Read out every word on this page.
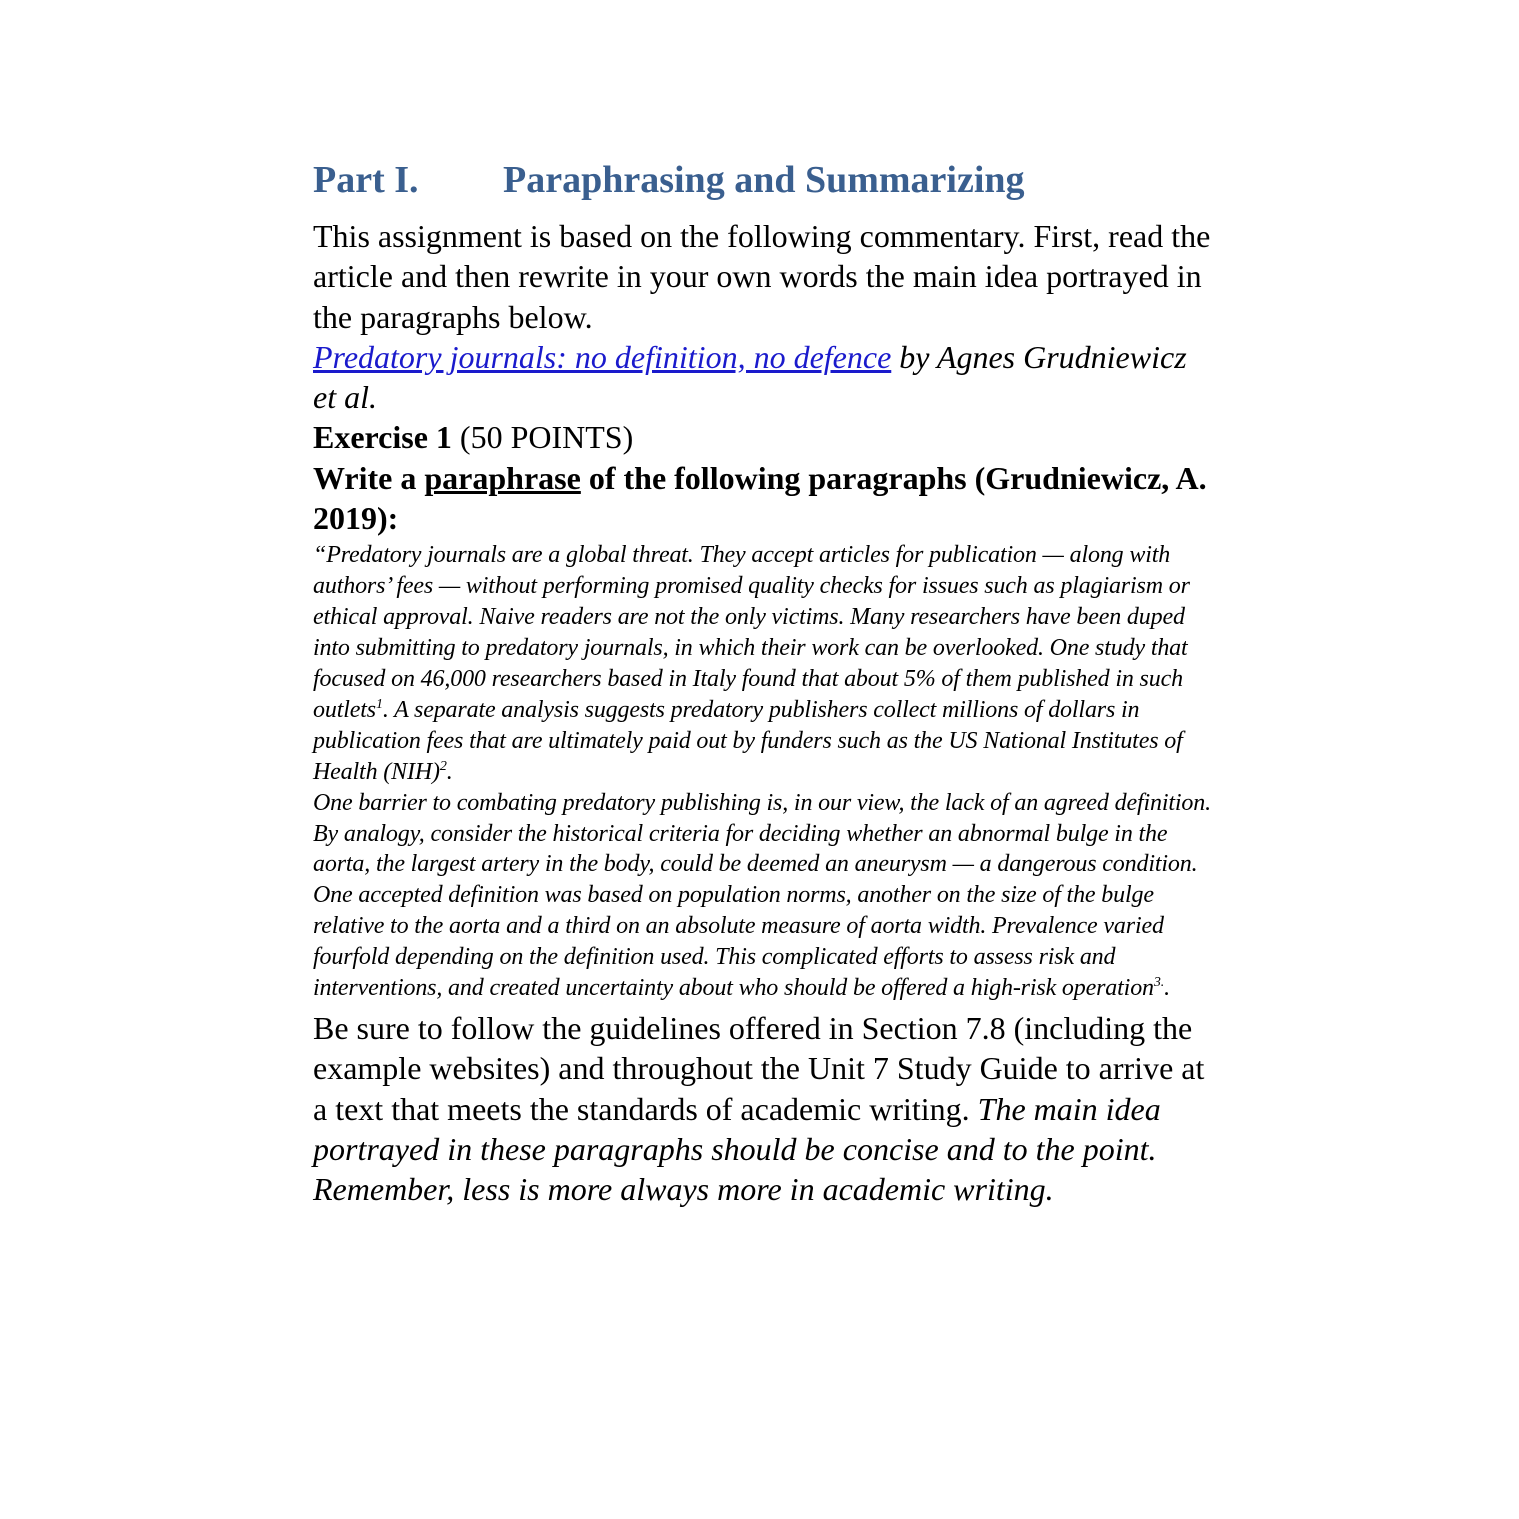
Part I. Paraphrasing and Summarizing

This assignment is based on the following commentary. First, read the article and then rewrite in your own words the main idea portrayed in the paragraphs below.

Predatory journals: no definition, no defence by Agnes Grudniewicz et al.

Exercise 1 (50 POINTS)

Write a paraphrase of the following paragraphs (Grudniewicz, A. 2019):

“Predatory journals are a global threat. They accept articles for publication — along with authors’ fees — without performing promised quality checks for issues such as plagiarism or ethical approval. Naive readers are not the only victims. Many researchers have been duped into submitting to predatory journals, in which their work can be overlooked. One study that focused on 46,000 researchers based in Italy found that about 5% of them published in such outlets$^1$. A separate analysis suggests predatory publishers collect millions of dollars in publication fees that are ultimately paid out by funders such as the US National Institutes of Health (NIH)$^2$.
One barrier to combating predatory publishing is, in our view, the lack of an agreed definition. By analogy, consider the historical criteria for deciding whether an abnormal bulge in the aorta, the largest artery in the body, could be deemed an aneurysm — a dangerous condition. One accepted definition was based on population norms, another on the size of the bulge relative to the aorta and a third on an absolute measure of aorta width. Prevalence varied fourfold depending on the definition used. This complicated efforts to assess risk and interventions, and created uncertainty about who should be offered a high-risk operation$^{3.}$.

Be sure to follow the guidelines offered in Section 7.8 (including the example websites) and throughout the Unit 7 Study Guide to arrive at a text that meets the standards of academic writing. The main idea portrayed in these paragraphs should be concise and to the point. Remember, less is more always more in academic writing.
